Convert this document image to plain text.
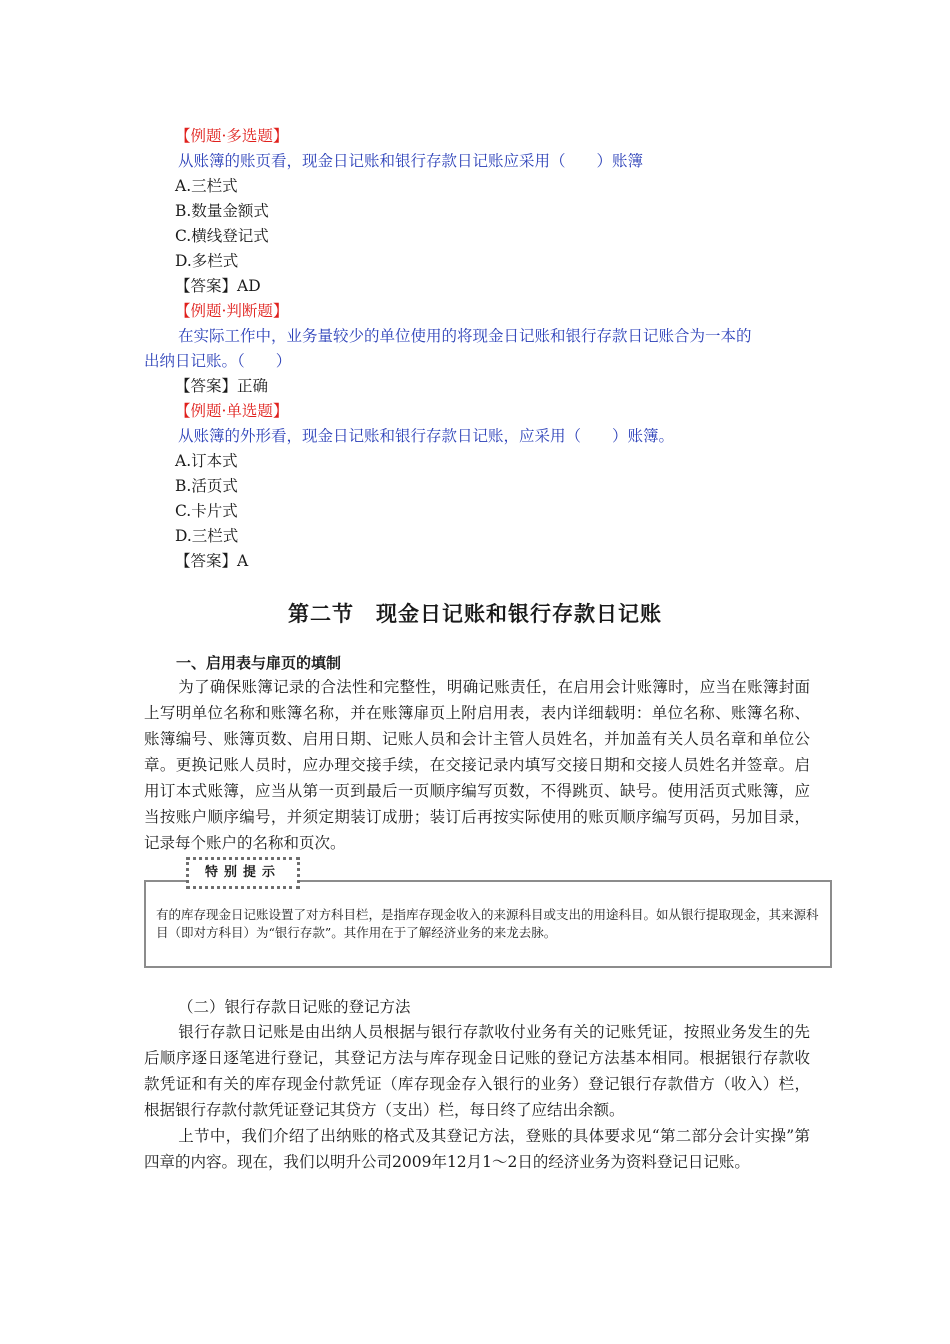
【例题·多选题】
从账簿的账页看，现金日记账和银行存款日记账应采用（　　）账簿
A.三栏式
B.数量金额式
C.横线登记式
D.多栏式
【答案】AD
【例题·判断题】
在实际工作中，业务量较少的单位使用的将现金日记账和银行存款日记账合为一本的
出纳日记账。（　　）
【答案】正确
【例题·单选题】
从账簿的外形看，现金日记账和银行存款日记账，应采用（　　）账簿。
A.订本式
B.活页式
C.卡片式
D.三栏式
【答案】A
第二节　现金日记账和银行存款日记账
一、启用表与扉页的填制
为了确保账簿记录的合法性和完整性，明确记账责任，在启用会计账簿时，应当在账簿封面上写明单位名称和账簿名称，并在账簿扉页上附启用表，表内详细载明：单位名称、账簿名称、账簿编号、账簿页数、启用日期、记账人员和会计主管人员姓名，并加盖有关人员名章和单位公章。更换记账人员时，应办理交接手续，在交接记录内填写交接日期和交接人员姓名并签章。启用订本式账簿，应当从第一页到最后一页顺序编写页数，不得跳页、缺号。使用活页式账簿，应当按账户顺序编号，并须定期装订成册；装订后再按实际使用的账页顺序编写页码，另加目录，记录每个账户的名称和页次。
特别提示
有的库存现金日记账设置了对方科目栏，是指库存现金收入的来源科目或支出的用途科目。如从银行提取现金，其来源科目（即对方科目）为“银行存款”。其作用在于了解经济业务的来龙去脉。
（二）银行存款日记账的登记方法
银行存款日记账是由出纳人员根据与银行存款收付业务有关的记账凭证，按照业务发生的先后顺序逐日逐笔进行登记，其登记方法与库存现金日记账的登记方法基本相同。根据银行存款收款凭证和有关的库存现金付款凭证（库存现金存入银行的业务）登记银行存款借方（收入）栏，根据银行存款付款凭证登记其贷方（支出）栏，每日终了应结出余额。
上节中，我们介绍了出纳账的格式及其登记方法，登账的具体要求见“第二部分会计实操”第四章的内容。现在，我们以明升公司2009年12月1～2日的经济业务为资料登记日记账。
